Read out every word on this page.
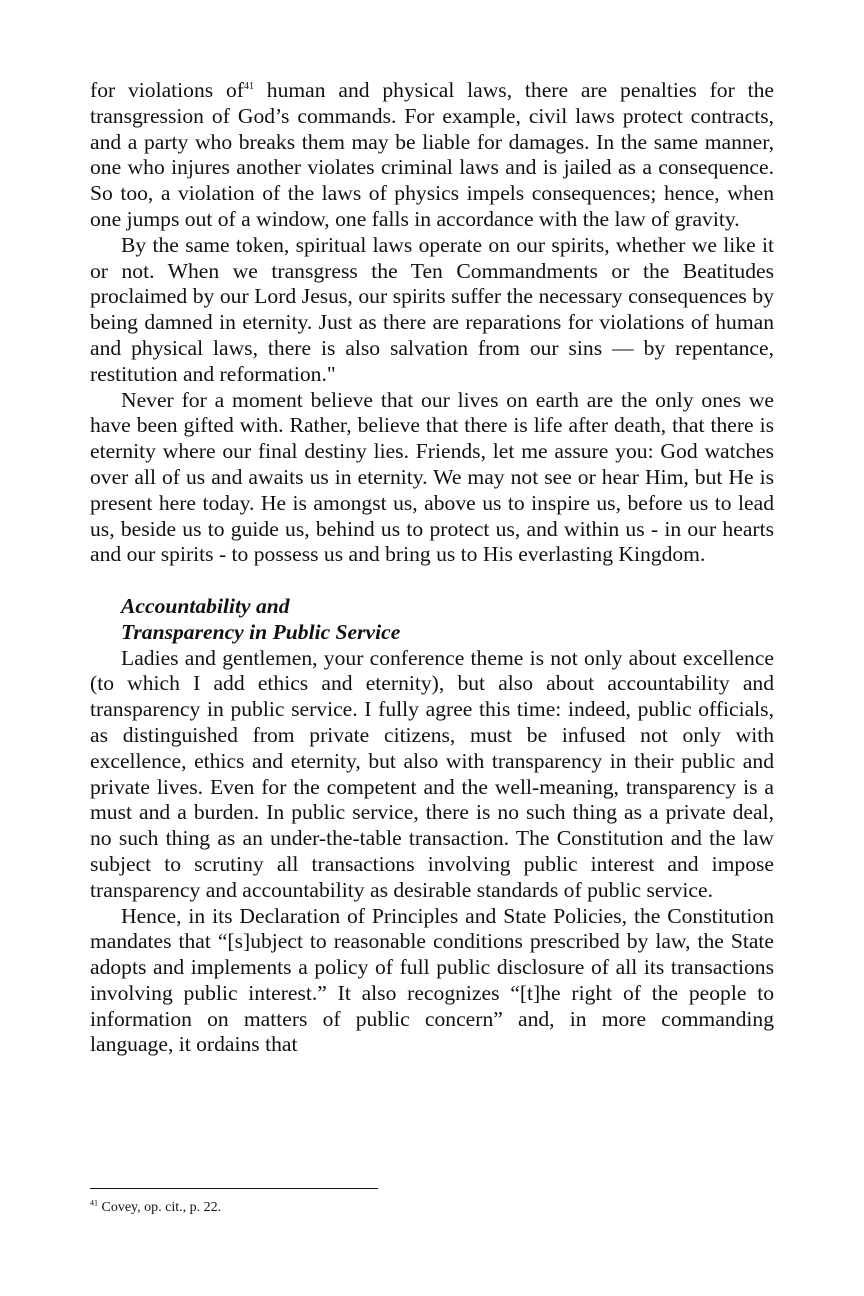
for violations $of^{41}$ human and physical laws, there are penalties for the transgression of God’s commands. For example, civil laws protect contracts, and a party who breaks them may be liable for damages. In the same manner, one who injures another violates criminal laws and is jailed as a consequence. So too, a violation of the laws of physics impels consequences; hence, when one jumps out of a window, one falls in accordance with the law of gravity.

By the same token, spiritual laws operate on our spirits, whether we like it or not. When we transgress the Ten Commandments or the Beatitudes proclaimed by our Lord Jesus, our spirits suffer the necessary consequences by being damned in eternity. Just as there are reparations for violations of human and physical laws, there is also salvation from our sins — by repentance, restitution and reformation."

Never for a moment believe that our lives on earth are the only ones we have been gifted with. Rather, believe that there is life after death, that there is eternity where our final destiny lies. Friends, let me assure you: God watches over all of us and awaits us in eternity. We may not see or hear Him, but He is present here today. He is amongst us, above us to inspire us, before us to lead us, beside us to guide us, behind us to protect us, and within us - in our hearts and our spirits - to possess us and bring us to His everlasting Kingdom.

Accountability and
Transparency in Public Service

Ladies and gentlemen, your conference theme is not only about excellence (to which I add ethics and eternity), but also about accountability and transparency in public service. I fully agree this time: indeed, public officials, as distinguished from private citizens, must be infused not only with excellence, ethics and eternity, but also with transparency in their public and private lives. Even for the competent and the well-meaning, transparency is a must and a burden. In public service, there is no such thing as a private deal, no such thing as an under-the-table transaction. The Constitution and the law subject to scrutiny all transactions involving public interest and impose transparency and accountability as desirable standards of public service.

Hence, in its Declaration of Principles and State Policies, the Constitution mandates that “[s]ubject to reasonable conditions prescribed by law, the State adopts and implements a policy of full public disclosure of all its transactions involving public interest.” It also recognizes “[t]he right of the people to information on matters of public concern” and, in more commanding language, it ordains that

$^{41}$ Covey, op. cit., p. 22.
